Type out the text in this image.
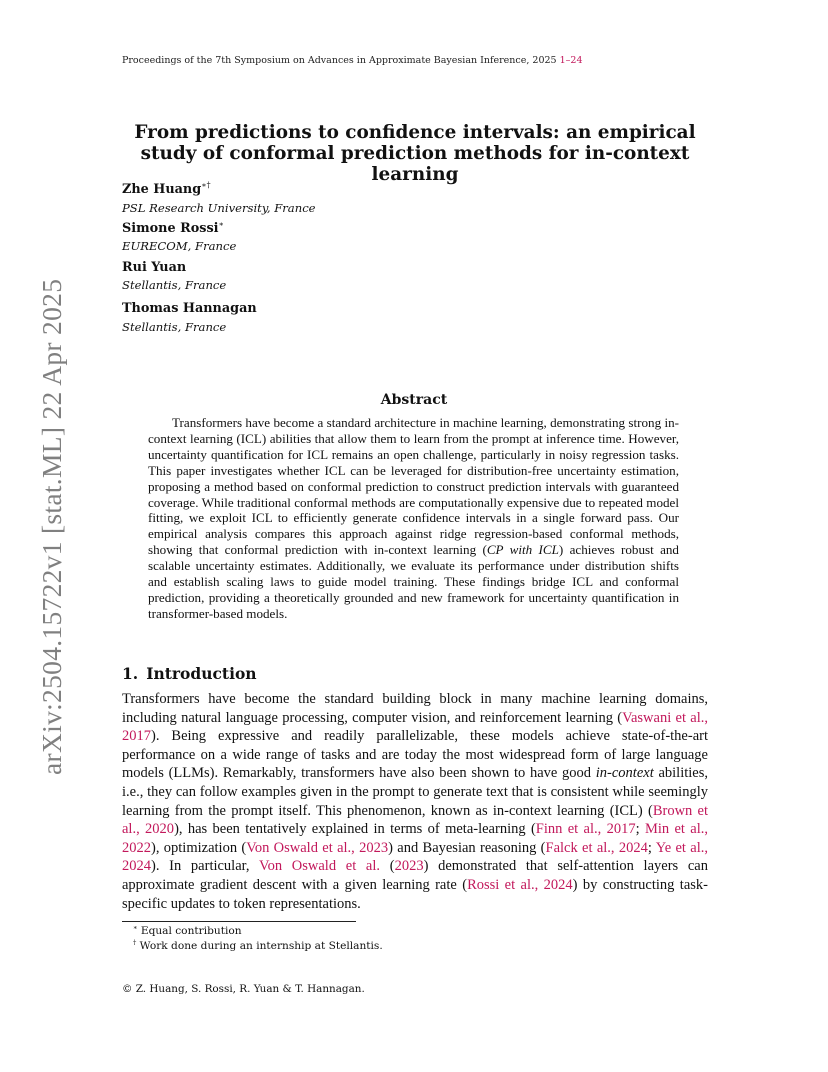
Proceedings of the 7th Symposium on Advances in Approximate Bayesian Inference, 2025 1–24
arXiv:2504.15722v1 [stat.ML] 22 Apr 2025
From predictions to confidence intervals: an empirical study of conformal prediction methods for in-context learning
Zhe Huang∗†
PSL Research University, France
Simone Rossi∗
EURECOM, France
Rui Yuan
Stellantis, France
Thomas Hannagan
Stellantis, France
Abstract

Transformers have become a standard architecture in machine learning, demonstrating strong in-context learning (ICL) abilities that allow them to learn from the prompt at inference time. However, uncertainty quantification for ICL remains an open challenge, particularly in noisy regression tasks. This paper investigates whether ICL can be leveraged for distribution-free uncertainty estimation, proposing a method based on conformal prediction to construct prediction intervals with guaranteed coverage. While traditional conformal methods are computationally expensive due to repeated model fitting, we exploit ICL to efficiently generate confidence intervals in a single forward pass. Our empirical analysis compares this approach against ridge regression-based conformal methods, showing that conformal prediction with in-context learning (CP with ICL) achieves robust and scalable uncertainty estimates. Additionally, we evaluate its performance under distribution shifts and establish scaling laws to guide model training. These findings bridge ICL and conformal prediction, providing a theoretically grounded and new framework for uncertainty quantification in transformer-based models.

1. Introduction

Transformers have become the standard building block in many machine learning domains, including natural language processing, computer vision, and reinforcement learning (Vaswani et al., 2017). Being expressive and readily parallelizable, these models achieve state-of-the-art performance on a wide range of tasks and are today the most widespread form of large language models (LLMs). Remarkably, transformers have also been shown to have good in-context abilities, i.e., they can follow examples given in the prompt to generate text that is consistent while seemingly learning from the prompt itself. This phenomenon, known as in-context learning (ICL) (Brown et al., 2020), has been tentatively explained in terms of meta-learning (Finn et al., 2017; Min et al., 2022), optimization (Von Oswald et al., 2023) and Bayesian reasoning (Falck et al., 2024; Ye et al., 2024). In particular, Von Oswald et al. (2023) demonstrated that self-attention layers can approximate gradient descent with a given learning rate (Rossi et al., 2024) by constructing task-specific updates to token representations.

∗ Equal contribution
† Work done during an internship at Stellantis.
© Z. Huang, S. Rossi, R. Yuan & T. Hannagan.
